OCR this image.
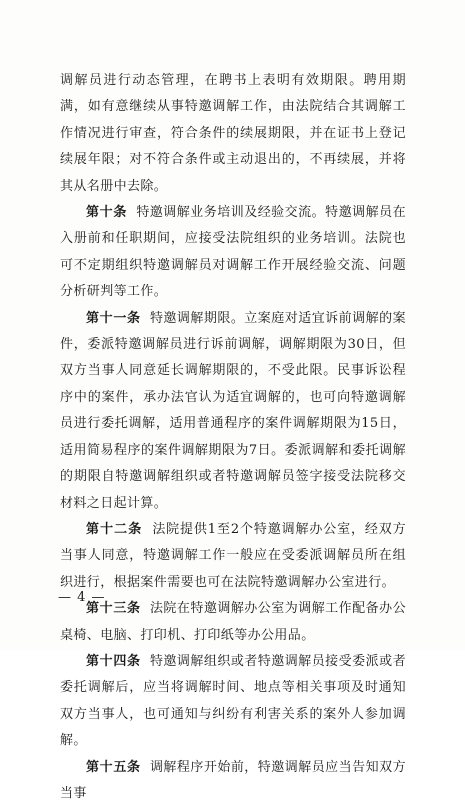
调解员进行动态管理，在聘书上表明有效期限。聘用期满，如有意继续从事特邀调解工作，由法院结合其调解工作情况进行审查，符合条件的续展期限，并在证书上登记续展年限；对不符合条件或主动退出的，不再续展，并将其从名册中去除。

第十条 特邀调解业务培训及经验交流。特邀调解员在入册前和任职期间，应接受法院组织的业务培训。法院也可不定期组织特邀调解员对调解工作开展经验交流、问题分析研判等工作。

第十一条 特邀调解期限。立案庭对适宜诉前调解的案件，委派特邀调解员进行诉前调解，调解期限为30日，但双方当事人同意延长调解期限的，不受此限。民事诉讼程序中的案件，承办法官认为适宜调解的，也可向特邀调解员进行委托调解，适用普通程序的案件调解期限为15日，适用简易程序的案件调解期限为7日。委派调解和委托调解的期限自特邀调解组织或者特邀调解员签字接受法院移交材料之日起计算。

第十二条 法院提供1至2个特邀调解办公室，经双方当事人同意，特邀调解工作一般应在受委派调解员所在组织进行，根据案件需要也可在法院特邀调解办公室进行。

第十三条 法院在特邀调解办公室为调解工作配备办公桌椅、电脑、打印机、打印纸等办公用品。

第十四条 特邀调解组织或者特邀调解员接受委派或者委托调解后，应当将调解时间、地点等相关事项及时通知双方当事人，也可通知与纠纷有利害关系的案外人参加调解。

第十五条 调解程序开始前，特邀调解员应当告知双方当事

— 4 —
